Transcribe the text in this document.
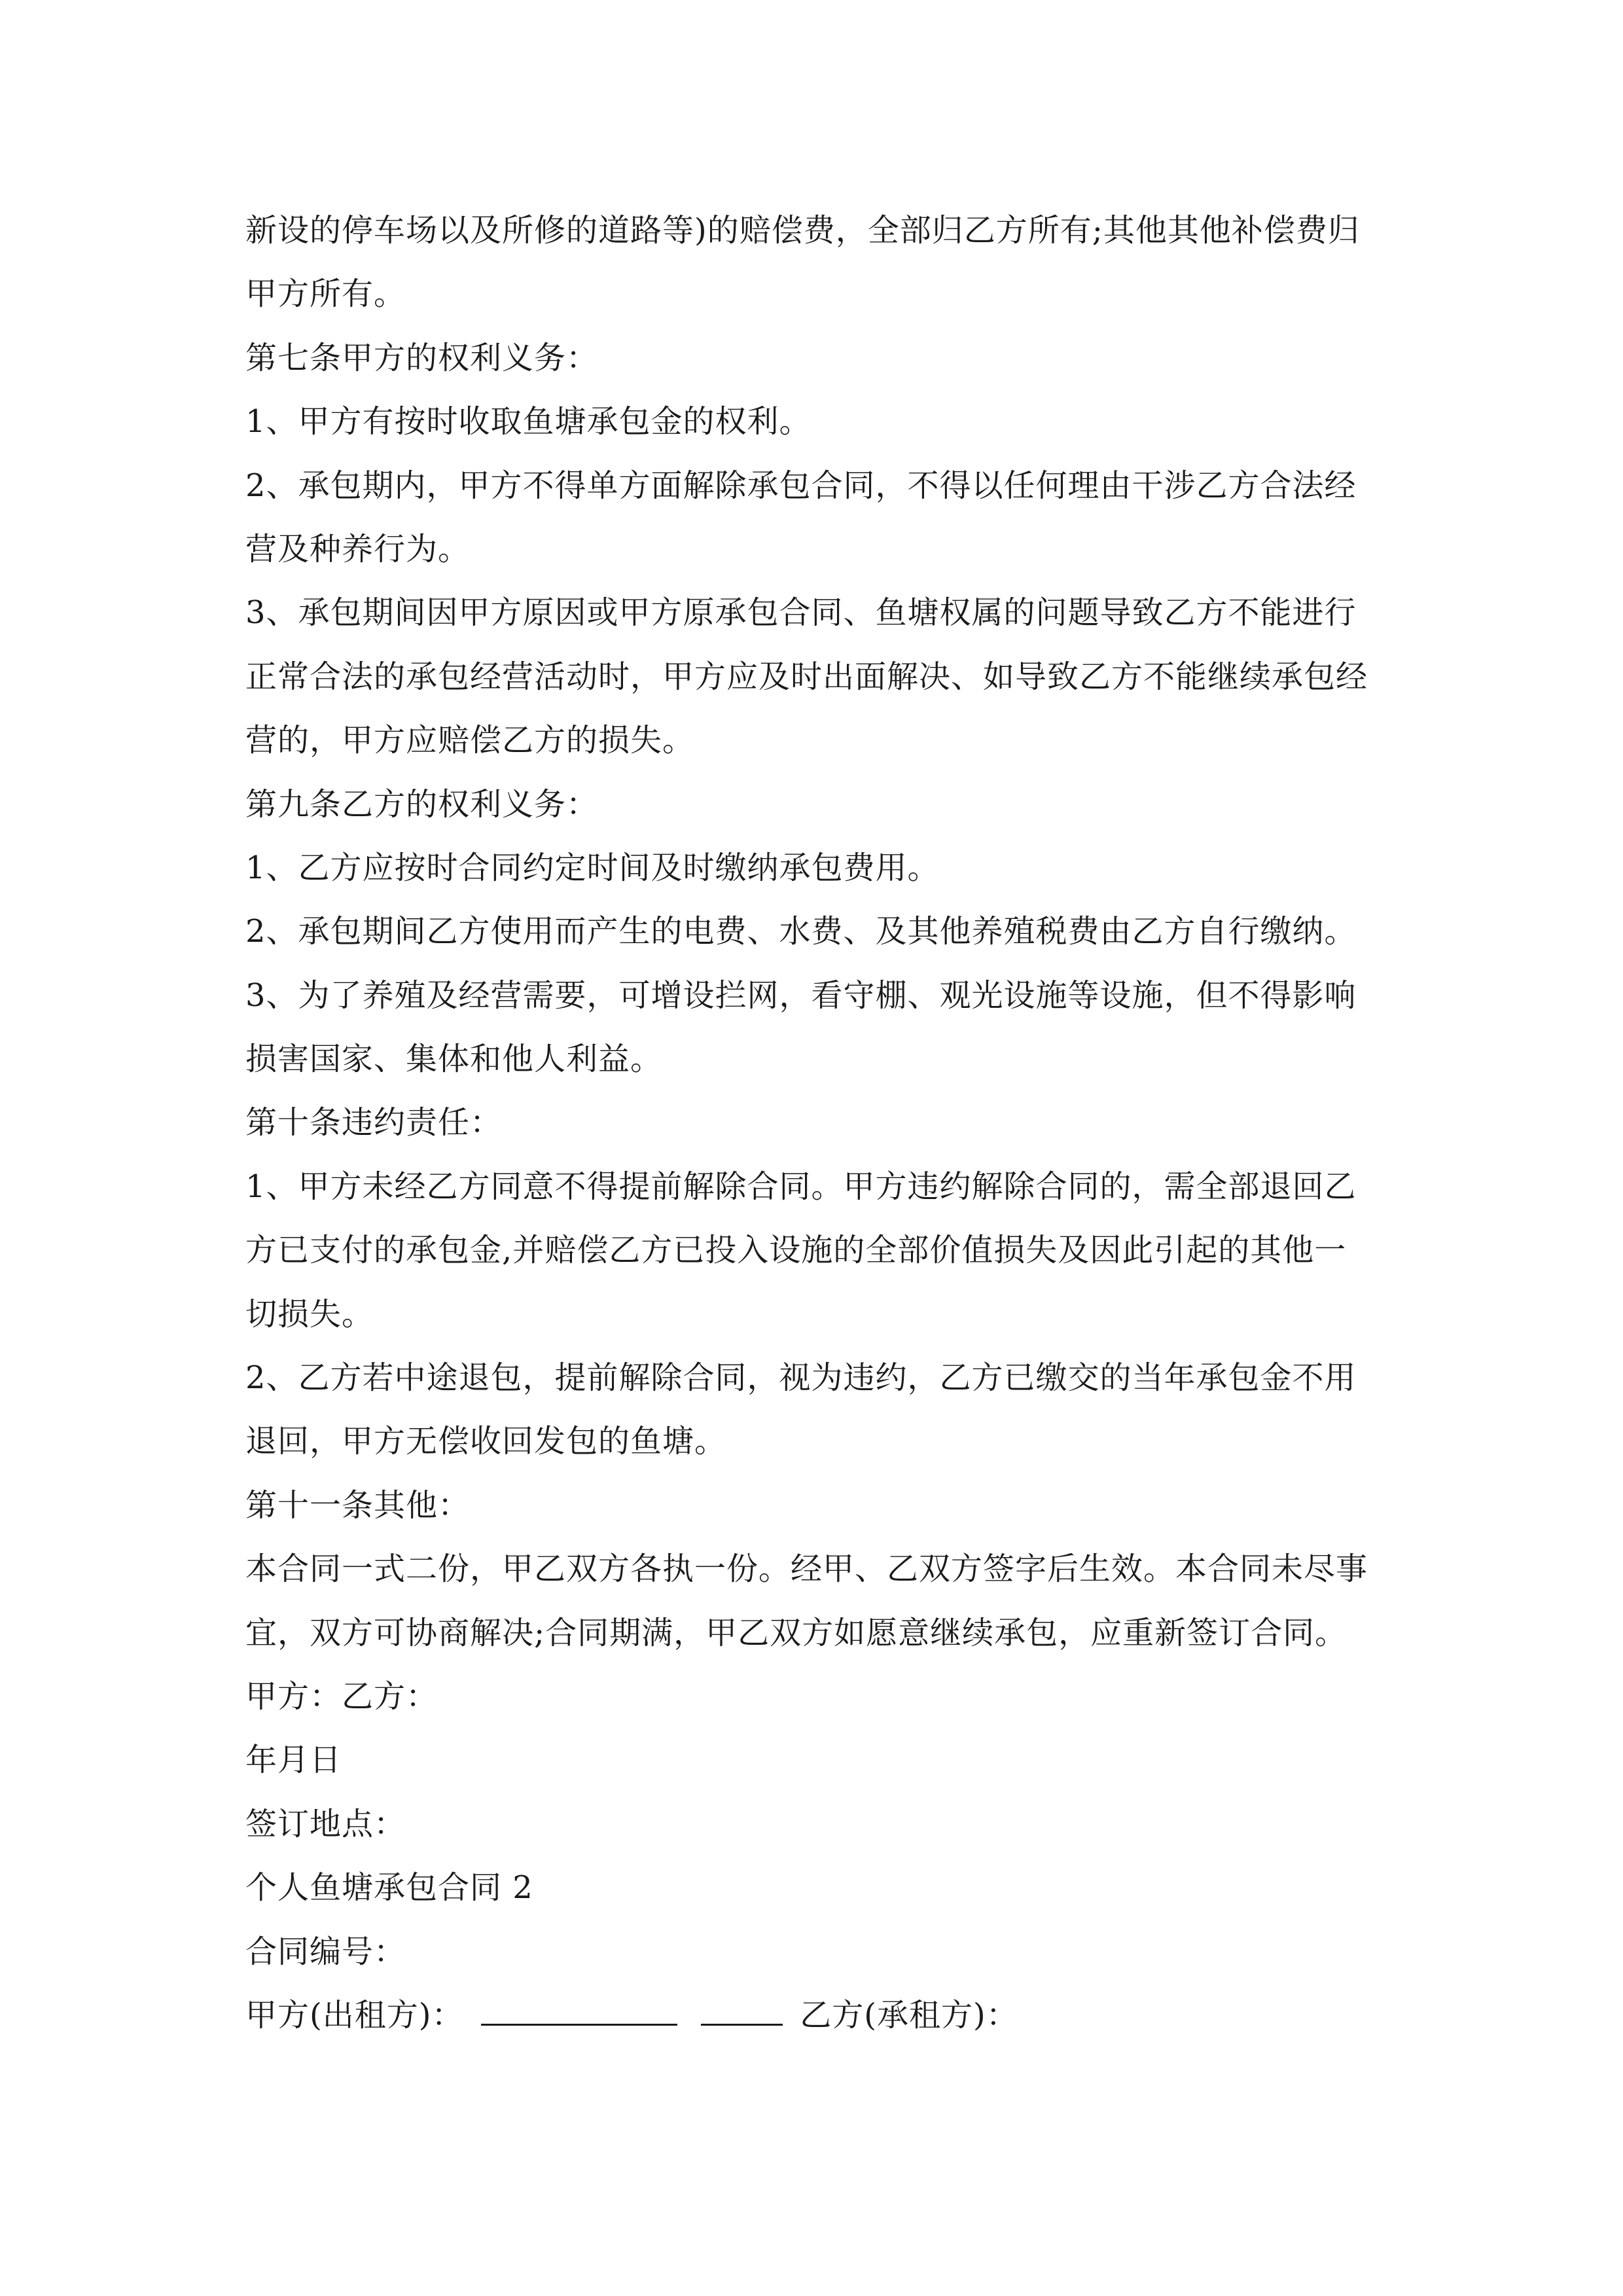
新设的停车场以及所修的道路等)的赔偿费，全部归乙方所有;其他其他补偿费归
甲方所有。
第七条甲方的权利义务：
1、甲方有按时收取鱼塘承包金的权利。
2、承包期内，甲方不得单方面解除承包合同，不得以任何理由干涉乙方合法经
营及种养行为。
3、承包期间因甲方原因或甲方原承包合同、鱼塘权属的问题导致乙方不能进行
正常合法的承包经营活动时，甲方应及时出面解决、如导致乙方不能继续承包经
营的，甲方应赔偿乙方的损失。
第九条乙方的权利义务：
1、乙方应按时合同约定时间及时缴纳承包费用。
2、承包期间乙方使用而产生的电费、水费、及其他养殖税费由乙方自行缴纳。
3、为了养殖及经营需要，可增设拦网，看守棚、观光设施等设施，但不得影响
损害国家、集体和他人利益。
第十条违约责任：
1、甲方未经乙方同意不得提前解除合同。甲方违约解除合同的，需全部退回乙
方已支付的承包金,并赔偿乙方已投入设施的全部价值损失及因此引起的其他一
切损失。
2、乙方若中途退包，提前解除合同，视为违约，乙方已缴交的当年承包金不用
退回，甲方无偿收回发包的鱼塘。
第十一条其他：
本合同一式二份，甲乙双方各执一份。经甲、乙双方签字后生效。本合同未尽事
宜，双方可协商解决;合同期满，甲乙双方如愿意继续承包，应重新签订合同。
甲方：乙方：
年月日
签订地点：
个人鱼塘承包合同 2
合同编号：
甲方(出租方)：	乙方(承租方)：
